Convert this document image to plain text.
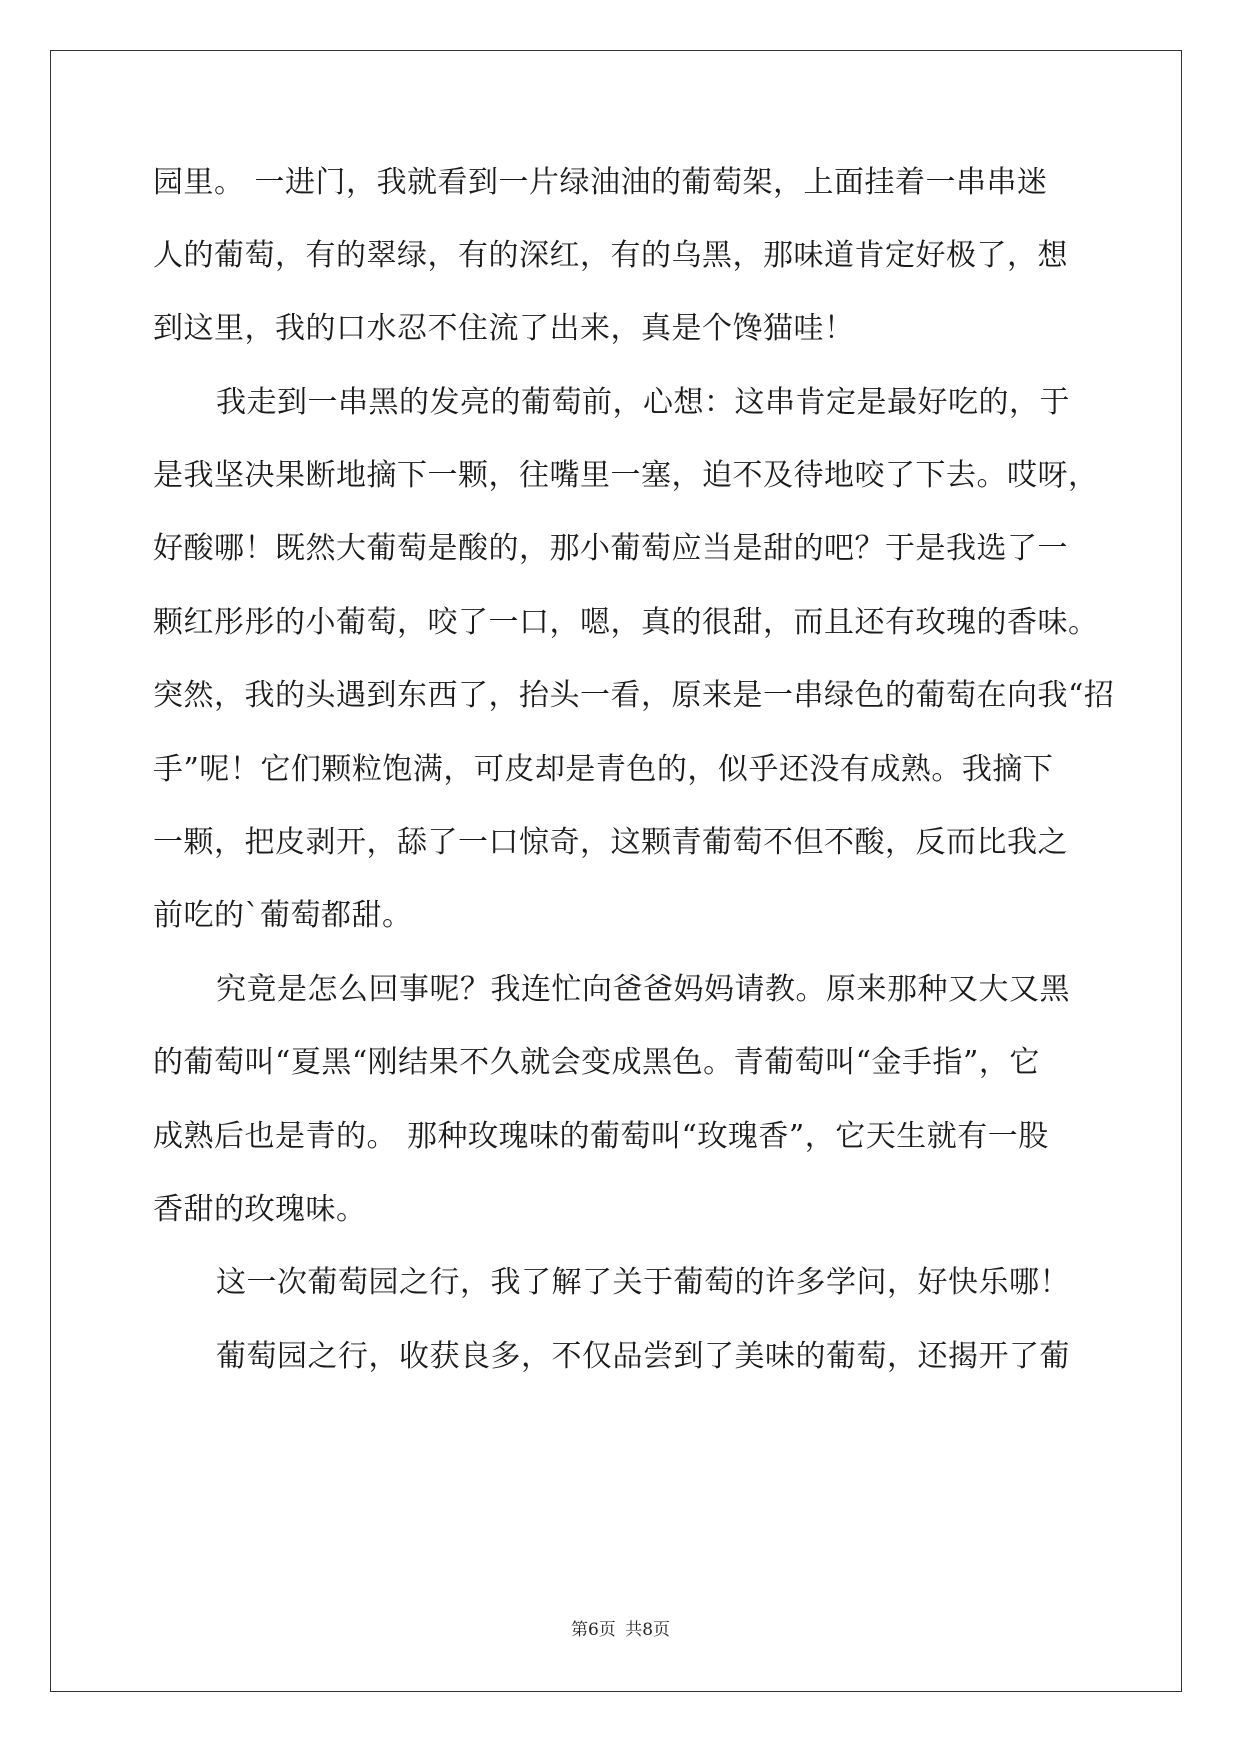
园里。 一进门，我就看到一片绿油油的葡萄架，上面挂着一串串迷
人的葡萄，有的翠绿，有的深红，有的乌黑，那味道肯定好极了，想
到这里，我的口水忍不住流了出来，真是个馋猫哇！
我走到一串黑的发亮的葡萄前，心想：这串肯定是最好吃的，于
是我坚决果断地摘下一颗，往嘴里一塞，迫不及待地咬了下去。哎呀，
好酸哪！既然大葡萄是酸的，那小葡萄应当是甜的吧？于是我选了一
颗红彤彤的小葡萄，咬了一口，嗯，真的很甜，而且还有玫瑰的香味。
突然，我的头遇到东西了，抬头一看，原来是一串绿色的葡萄在向我“招
手”呢！它们颗粒饱满，可皮却是青色的，似乎还没有成熟。我摘下
一颗，把皮剥开，舔了一口惊奇，这颗青葡萄不但不酸，反而比我之
前吃的`葡萄都甜。
究竟是怎么回事呢？我连忙向爸爸妈妈请教。原来那种又大又黑
的葡萄叫“夏黑“刚结果不久就会变成黑色。青葡萄叫“金手指”，它
成熟后也是青的。 那种玫瑰味的葡萄叫“玫瑰香”，它天生就有一股
香甜的玫瑰味。
这一次葡萄园之行，我了解了关于葡萄的许多学问，好快乐哪！
葡萄园之行，收获良多，不仅品尝到了美味的葡萄，还揭开了葡
第6页 共8页
